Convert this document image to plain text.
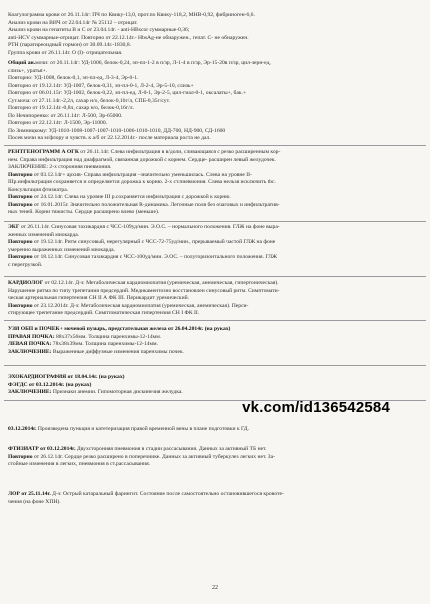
Коагулограмма крови от 26.11.14г: ПЧ по Квику-13,0, прот.по Квику-118,2, МНВ-0,92, фибриноген-6,6.
Анализ крови на ВИЧ от 22.04.14г № 25112 – отрицат.
Анализ крови на гепатиты В и С от 23.04.14г. - anti-HBscor суммарные-0,36;
anti-HCV суммарные-отрицат. Повторно от 22.12.14г.- HbsAg-не обнаружен., гепат. С- не обнаружен.
PTH (паратиреоидный гормон) от 30.09.14г.-1830,8.
Группа крови от 26.11.14г. О (I)- отрицательная.
Общий ан.мочи: от 26.11.14г: УД-1006, белок-0,24, эп-пл-1-2 в п/зр, Л-1-4 в п/зр, Эр-15-20в п/зр, цил-зерн-ед,
слизь+, уратыt+.
Повторно: УД-1008, белок-0,1, эп-пл-ед, Л-3-4, Эр-0-1.
Повторно от 19.12.14г: УД-1007, белок-0,31, эп-пл-0-1, Л-2-4, Эр-5-10, слизь+
Повторно от 06.01.15г: УД-1002, белок-0,22, эп-пл-ед, Л-0-1, Эр-2-5, цил-гиал-0-1, оксалаты+, бак.+
Сут.моча: от 27.11.14г.-2,2л, сахар н/о, белок-0,16г/л, СПБ-0,35г/сут.
Повторно от 19.12.14г.-0,8л, сахар н/о, белок-0,16г/л.
По Нечипоренко: от 26.11.14г: Л-500, Эр-65000.
Повторно от 22.12.14г: Л-1500, Эр-11000.
По Зимницкому: УД-1010-1008-1007-1007-1010-1006-1010-1010, ДД-700, НД-900, СД-1600
Посев мочи на м/флору и чувств. к а/б от 22.12.2014г.- после материала роста не дал.
РЕНТГЕНОГРАММ А ОГК от 26.11.14г. Слева инфильтрация в в/доли, сливающаяся с резко расширенным кор-
нем. Справа инфильтрация над диафрагмой, связанная дорожкой с корнем. Сердце- расширен левый желудочек.
ЗАКЛЮЧЕНИЕ: 2-х сторонняя пневмония.
Повторно от 03.12.14г+ архив- Справа инфильтрация –значительно уменьшилась. Слева на уровне II-
IIIр.инфильтрация сохраняется и определяется дорожка к корню. 2-х ст.пневмония. Слева нельзя исключить tbc.
Консультация фтизиатра.
Повторно от 24.12.14г. Слева на уровне III р.сохраняется инфильтрация с дорожкой к корню.
Повторно от 16.01.2015г. Значительно положительная R-динамика. Легочные поля без очаговых и инфильтратив-
ных теней. Корни тяжисты. Сердце расширено влево (меньше).
ЭКГ от 26.11.14г. Синусовая тахикардия с ЧСС-109уд/мин. Э.О.С. – нормального положения. ГЛЖ на фоне выра-
женных изменений миокарда.
Повторно от 19.12.14г. Ритм синусовый, нерегулярный с ЧСС-72-75уд/мин., прерываемый частой ГЛЖ на фоне
умеренно выраженных изменений миокарда.
Повторно от 18.12.14г. Синусовая тахикардия с ЧСС-100уд/мин. Э.ОС. – полугоризонтального положения. ГЛЖ
с перегрузкой.
КАРДИОЛОГ от 02.12.14г. Д-з: Метаболическая кардиомиопатия (уремическая, анемическая, гипертоническая).
Нарушение ритма по типу трепетания предсердий. Медикаментозно восстановлен синусовый ритм. Симптомати-
ческая артериальная гипертензия СН II А ФК III. Перикардит уремический.
Повторно от 23.12.2014г. Д-з: Метаболическая кардиомиопатия (уремическая, анемическая). Перси-
стирующее трепетание предсердий. Симптоматическая гипертензия СН I ФК II.
УЗИ ОБП и ПОЧЕК+ мочевой пузырь, предстательная железа от 26.04.2014г. (на руках)
ПРАВАЯ ПОЧКА: 88х37х56мм. Толщина паренхимы-12-14мм.
ЛЕВАЯ ПОЧКА: 78х38х39мм. Толщина паренхимы-12-14мм.
ЗАКЛЮЧЕНИЕ: Выраженные диффузные изменения паренхимы почек.
ЭХОКАРДИОГРАФИЯ от 18.04.14г. (на руках)
ФЭГДС от 03.12.2014г. (на руках)
ЗАКЛЮЧЕНИЕ: Признаки анемии. Гипомоторная дискинезия желудка.
03.12.2014г. Произведена пункция и катетеризация правой временной вены в плане подготовки к ГД.
ФТИЗИАТР от 03.12.2014г. Двухсторонняя пневмония в стадии рассасывания. Данных за активный ТБ нет.
Повторно от 26.12.14г. Сердце резко расширено в поперечнике. Данных за активный туберкулез легких нет. За-
стойные изменения в легких, пневмония в ст.рассасывания.
ЛОР от 25.11.14г. Д-з: Острый катаральный фарингит. Состояние после самостоятельно остановившегося кровоте-
чения (на фоне ХПН).
vk.com/id136542584
22
